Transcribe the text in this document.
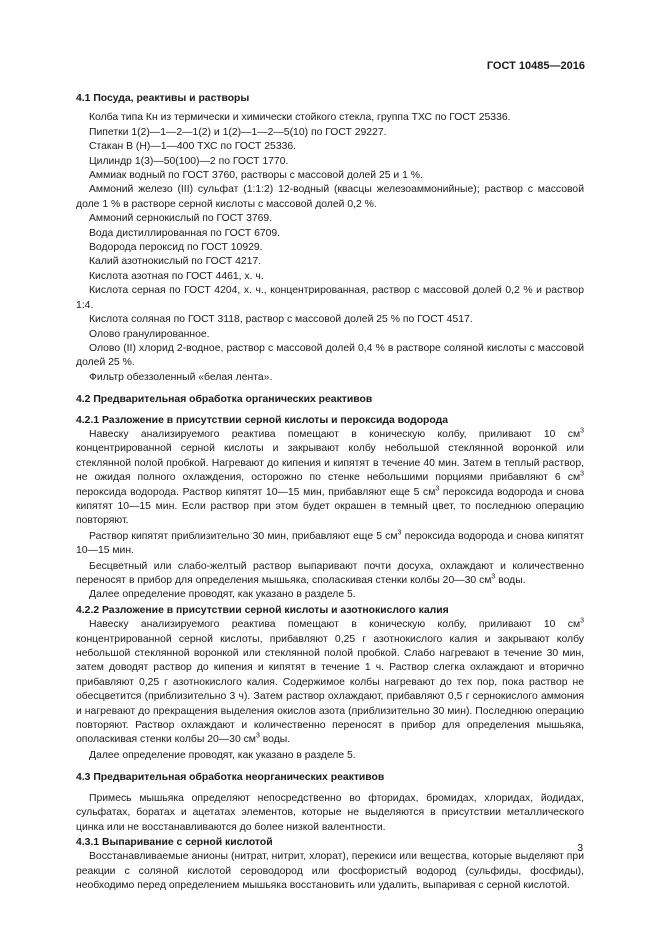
ГОСТ 10485—2016

4.1 Посуда, реактивы и растворы

Колба типа Кн из термически и химически стойкого стекла, группа ТХС по ГОСТ 25336.

Пипетки 1(2)—1—2—1(2) и 1(2)—1—2—5(10) по ГОСТ 29227.

Стакан В (Н)—1—400 ТХС по ГОСТ 25336.

Цилиндр 1(3)—50(100)—2 по ГОСТ 1770.

Аммиак водный по ГОСТ 3760, растворы с массовой долей 25 и 1 %.

Аммоний железо (III) сульфат (1:1:2) 12-водный (квасцы железоаммонийные); раствор с массовой доле 1 % в растворе серной кислоты с массовой долей 0,2 %.

Аммоний сернокислый по ГОСТ 3769.

Вода дистиллированная по ГОСТ 6709.

Водорода пероксид по ГОСТ 10929.

Калий азотнокислый по ГОСТ 4217.

Кислота азотная по ГОСТ 4461, х. ч.

Кислота серная по ГОСТ 4204, х. ч., концентрированная, раствор с массовой долей 0,2 % и раствор 1:4.

Кислота соляная по ГОСТ 3118, раствор с массовой долей 25 % по ГОСТ 4517.

Олово гранулированное.

Олово (II) хлорид 2-водное, раствор с массовой долей 0,4 % в растворе соляной кислоты с массовой долей 25 %.

Фильтр обеззоленный «белая лента».

4.2 Предварительная обработка органических реактивов

4.2.1 Разложение в присутствии серной кислоты и пероксида водорода

Навеску анализируемого реактива помещают в коническую колбу, приливают 10 $см^3$ концентрированной серной кислоты и закрывают колбу небольшой стеклянной воронкой или стеклянной полой пробкой. Нагревают до кипения и кипятят в течение 40 мин. Затем в теплый раствор, не ожидая полного охлаждения, осторожно по стенке небольшими порциями прибавляют 6 $см^3$ пероксида водорода. Раствор кипятят 10—15 мин, прибавляют еще 5 $см^3$ пероксида водорода и снова кипятят 10—15 мин. Если раствор при этом будет окрашен в темный цвет, то последнюю операцию повторяют.

Раствор кипятят приблизительно 30 мин, прибавляют еще 5 $см^3$ пероксида водорода и снова кипятят 10—15 мин.

Бесцветный или слабо-желтый раствор выпаривают почти досуха, охлаждают и количественно переносят в прибор для определения мышьяка, споласкивая стенки колбы 20—30 $см^3$ воды.

Далее определение проводят, как указано в разделе 5.

4.2.2 Разложение в присутствии серной кислоты и азотнокислого калия

Навеску анализируемого реактива помещают в коническую колбу, приливают 10 $см^3$ концентрированной серной кислоты, прибавляют 0,25 г азотнокислого калия и закрывают колбу небольшой стеклянной воронкой или стеклянной полой пробкой. Слабо нагревают в течение 30 мин, затем доводят раствор до кипения и кипятят в течение 1 ч. Раствор слегка охлаждают и вторично прибавляют 0,25 г азотнокислого калия. Содержимое колбы нагревают до тех пор, пока раствор не обесцветится (приблизительно 3 ч). Затем раствор охлаждают, прибавляют 0,5 г сернокислого аммония и нагревают до прекращения выделения окислов азота (приблизительно 30 мин). Последнюю операцию повторяют. Раствор охлаждают и количественно переносят в прибор для определения мышьяка, ополаскивая стенки колбы 20—30 $см^3$ воды.

Далее определение проводят, как указано в разделе 5.

4.3 Предварительная обработка неорганических реактивов

Примесь мышьяка определяют непосредственно во фторидах, бромидах, хлоридах, йодидах, сульфатах, боратах и ацетатах элементов, которые не выделяются в присутствии металлического цинка или не восстанавливаются до более низкой валентности.

4.3.1 Выпаривание с серной кислотой

Восстанавливаемые анионы (нитрат, нитрит, хлорат), перекиси или вещества, которые выделяют при реакции с соляной кислотой сероводород или фосфористый водород (сульфиды, фосфиды), необходимо перед определением мышьяка восстановить или удалить, выпаривая с серной кислотой.

3
